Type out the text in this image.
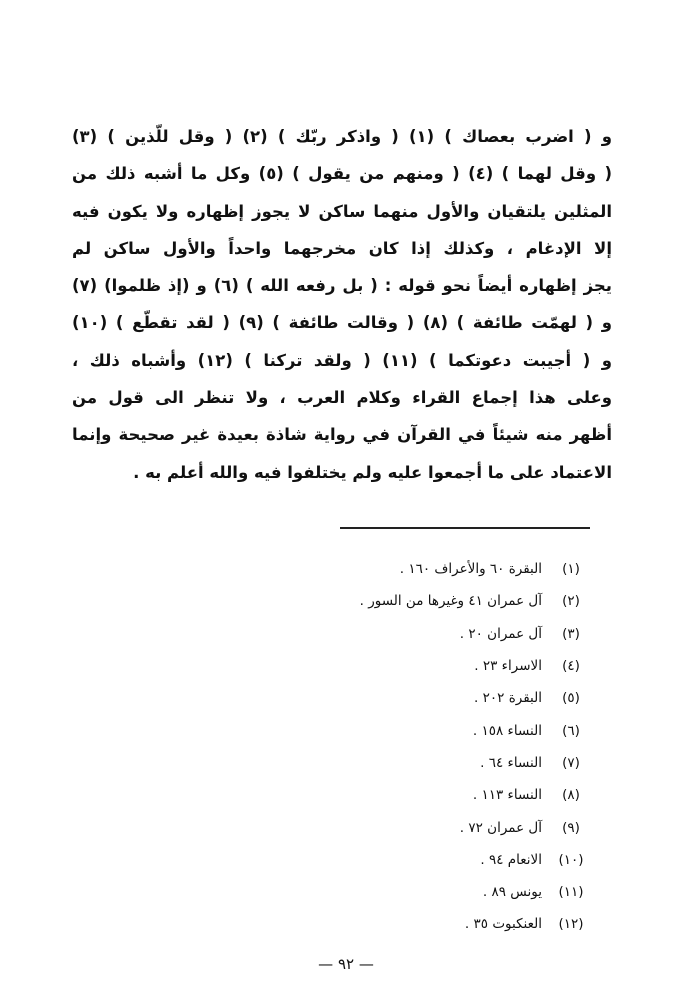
و ( اضرب بعصاك ) (١) ( واذكر ربّك ) (٢) ( وقل للّذين ) (٣)
( وقل لهما ) (٤) ( ومنهم من يقول ) (٥) وكل ما أشبه ذلك من
المثلين يلتقيان والأول منهما ساكن لا يجوز إظهاره ولا يكون فيه
إلا الإدغام ، وكذلك إذا كان مخرجهما واحداً والأول ساكن لم
يجز إظهاره أيضاً نحو قوله : ( بل رفعه الله ) (٦) و (إذ ظلموا) (٧)
و ( لهمّت طائفة ) (٨) ( وقالت طائفة ) (٩) ( لقد تقطّع ) (١٠)
و ( أجيبت دعوتكما ) (١١) ( ولقد تركنا ) (١٢) وأشباه ذلك ،
وعلى هذا إجماع القراء وكلام العرب ، ولا تنظر الى قول من
أظهر منه شيئاً في القرآن في رواية شاذة بعيدة غير صحيحة وإنما
الاعتماد على ما أجمعوا عليه ولم يختلفوا فيه والله أعلم به .
(١)
البقرة ٦٠ والأعراف ١٦٠ .
(٢)
آل عمران ٤١ وغيرها من السور .
(٣)
آل عمران ٢٠ .
(٤)
الاسراء ٢٣ .
(٥)
البقرة ٢٠٢ .
(٦)
النساء ١٥٨ .
(٧)
النساء ٦٤ .
(٨)
النساء ١١٣ .
(٩)
آل عمران ٧٢ .
(١٠)
الانعام ٩٤ .
(١١)
يونس ٨٩ .
(١٢)
العنكبوت ٣٥ .
— ٩٢ —
